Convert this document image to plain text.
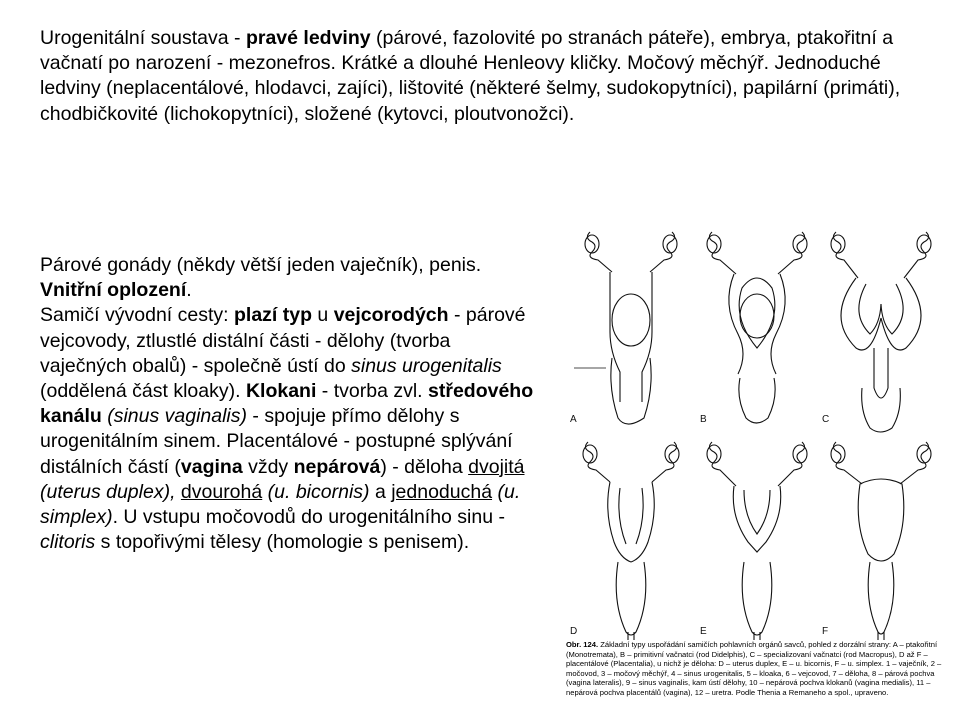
Urogenitální soustava - pravé ledviny (párové, fazolovité po stranách páteře), embrya, ptakořitní a vačnatí po narození - mezonefros. Krátké a dlouhé Henleovy kličky. Močový měchýř. Jednoduché ledviny (neplacentálové, hlodavci, zajíci), lištovité (některé šelmy, sudokopytníci), papilární (primáti), chodbičkovité (lichokopytníci), složené (kytovci, ploutvonožci).

Párové gonády (někdy větší jeden vaječník), penis. Vnitřní oplození.
Samičí vývodní cesty: plazí typ u vejcorodých - párové vejcovody, ztlustlé distální části - dělohy (tvorba vaječných obalů) - společně ústí do sinus urogenitalis (oddělená část kloaky). Klokani - tvorba zvl. středového kanálu (sinus vaginalis) - spojuje přímo dělohy s urogenitálním sinem. Placentálové - postupné splývání distálních částí (vagina vždy nepárová) - děloha dvojitá (uterus duplex), dvourohá (u. bicornis) a jednoduchá (u. simplex). U vstupu močovodů do urogenitálního sinu - clitoris s topořivými tělesy (homologie s penisem).

A	B	C
D	E	F

Obr. 124. Základní typy uspořádání samičích pohlavních orgánů savců, pohled z dorzální strany: A – ptakořitní (Monotremata), B – primitivní vačnatci (rod Didelphis), C – specializovaní vačnatci (rod Macropus), D až F – placentálové (Placentalia), u nichž je děloha: D – uterus duplex, E – u. bicornis, F – u. simplex. 1 – vaječník, 2 – močovod, 3 – močový měchýř, 4 – sinus urogenitalis, 5 – kloaka, 6 – vejcovod, 7 – děloha, 8 – párová pochva (vagina lateralis), 9 – sinus vaginalis, kam ústí dělohy, 10 – nepárová pochva klokanů (vagina medialis), 11 – nepárová pochva placentálů (vagina), 12 – uretra. Podle Thenia a Remaneho a spol., upraveno.
